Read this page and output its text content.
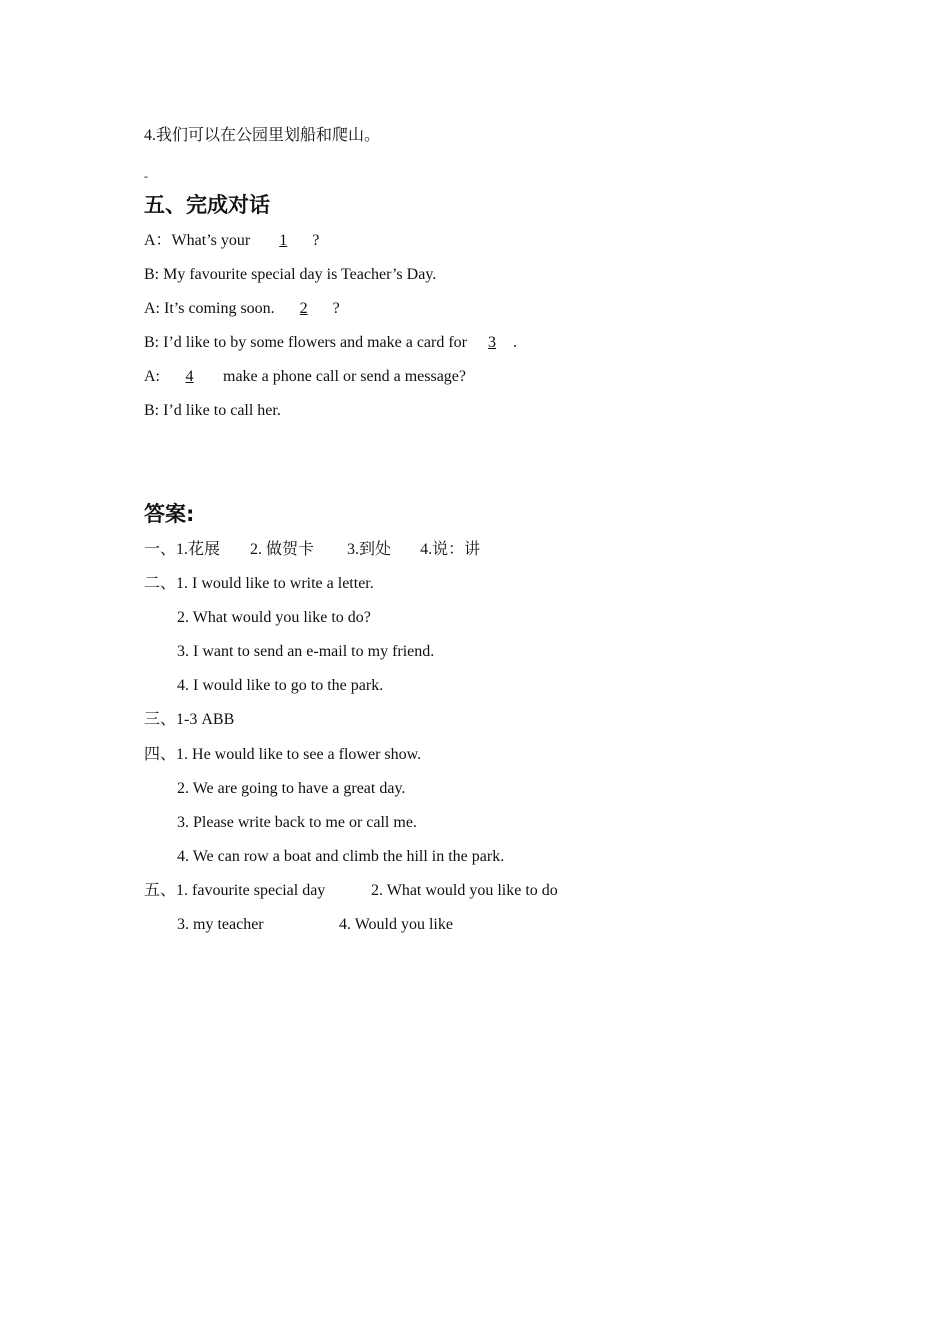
4.我们可以在公园里划船和爬山。
-
五、完成对话
A：What’s your 1 ?
B: My favourite special day is Teacher’s Day.
A: It’s coming soon. 2 ?
B: I’d like to by some flowers and make a card for 3 .
A: 4 make a phone call or send a message?
B: I’d like to call her.
答案:
一、1.花展 2. 做贺卡 3.到处 4.说：讲
二、1. I would like to write a letter.
2. What would you like to do?
3. I want to send an e-mail to my friend.
4. I would like to go to the park.
三、1-3 ABB
四、1. He would like to see a flower show.
2. We are going to have a great day.
3. Please write back to me or call me.
4. We can row a boat and climb the hill in the park.
五、1. favourite special day	2. What would you like to do
3. my teacher	4. Would you like
